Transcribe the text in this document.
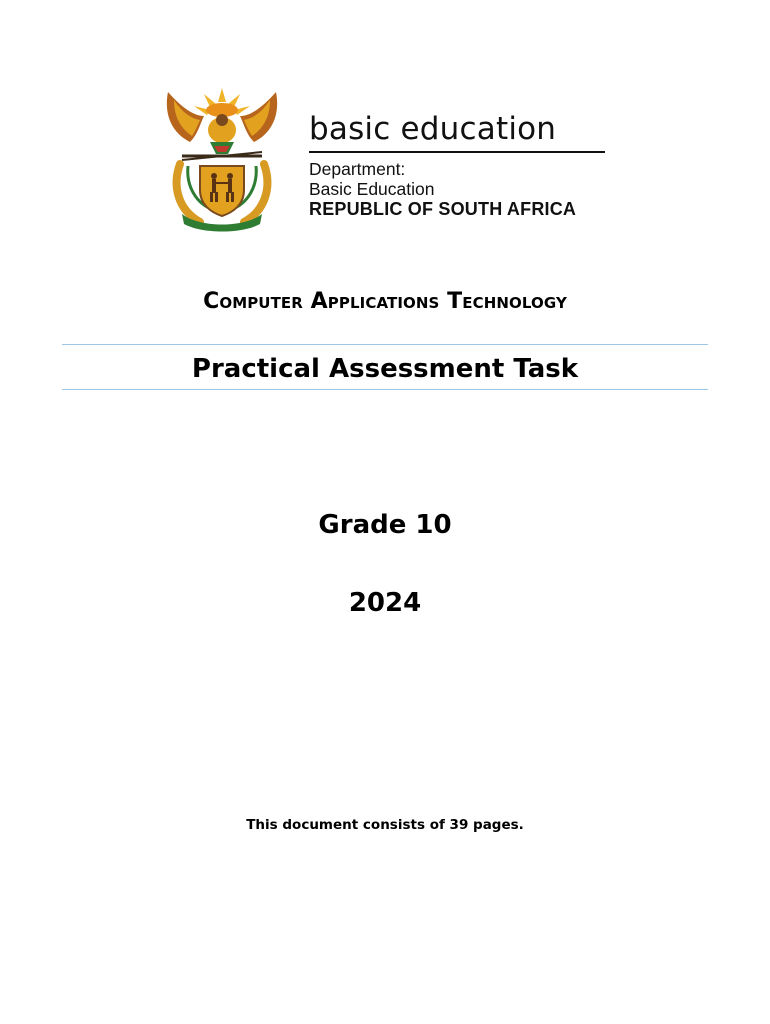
basic education
Department:
Basic Education
REPUBLIC OF SOUTH AFRICA
Computer Applications Technology
Practical Assessment Task
Grade 10
2024
This document consists of 39 pages.
